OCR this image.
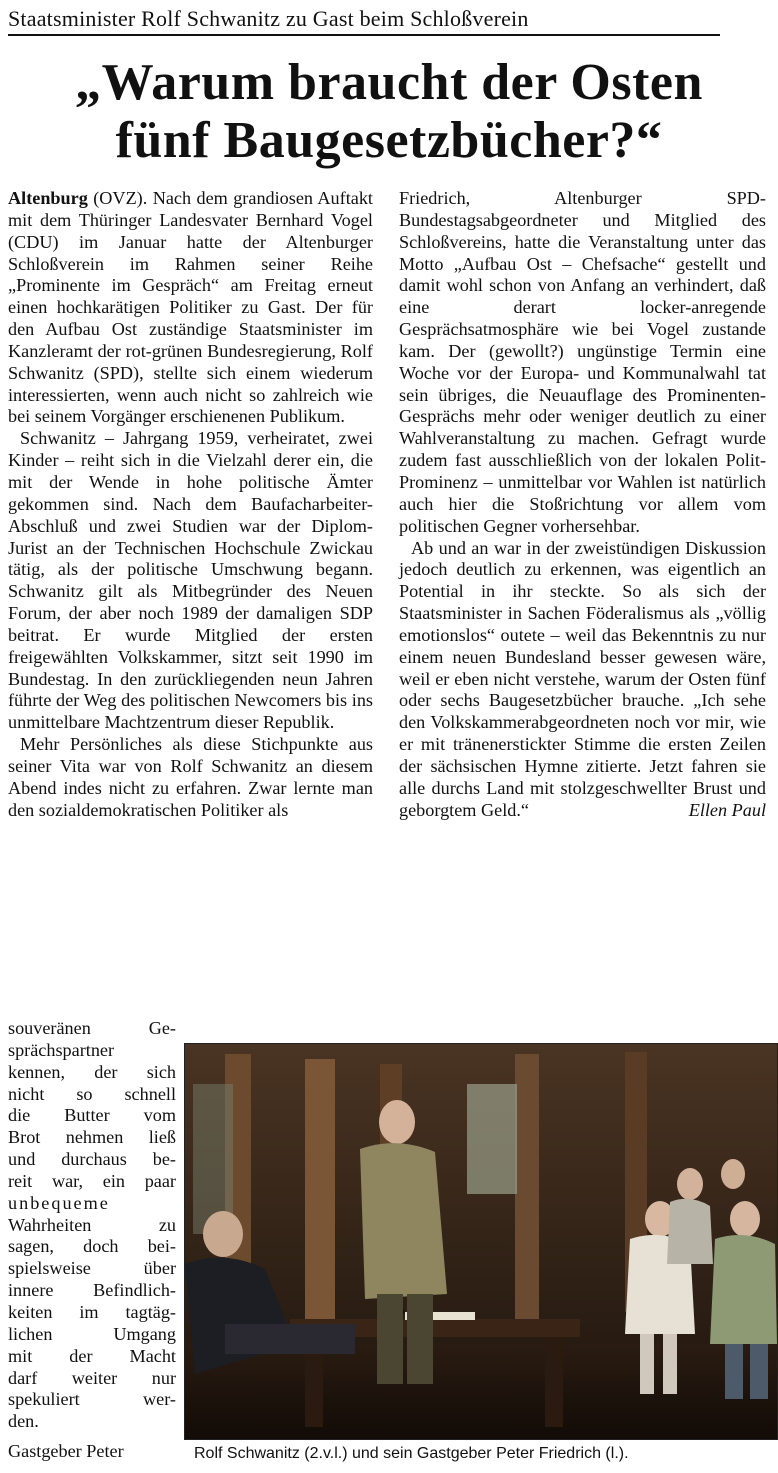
Staatsminister Rolf Schwanitz zu Gast beim Schloßverein
„Warum braucht der Osten
fünf Baugesetzbücher?“

Altenburg (OVZ). Nach dem grandiosen Auftakt mit dem Thüringer Landesvater Bernhard Vogel (CDU) im Januar hatte der Altenburger Schloßverein im Rahmen seiner Reihe „Prominente im Gespräch“ am Freitag erneut einen hochkarätigen Politiker zu Gast. Der für den Aufbau Ost zuständige Staatsminister im Kanzleramt der rot-grünen Bundesregierung, Rolf Schwanitz (SPD), stellte sich einem wiederum interessierten, wenn auch nicht so zahlreich wie bei seinem Vorgänger erschienenen Publikum.

Schwanitz – Jahrgang 1959, verheiratet, zwei Kinder – reiht sich in die Vielzahl derer ein, die mit der Wende in hohe politische Ämter gekommen sind. Nach dem Baufacharbeiter-Abschluß und zwei Studien war der Diplom-Jurist an der Technischen Hochschule Zwickau tätig, als der politische Umschwung begann. Schwanitz gilt als Mitbegründer des Neuen Forum, der aber noch 1989 der damaligen SDP beitrat. Er wurde Mitglied der ersten freigewählten Volkskammer, sitzt seit 1990 im Bundestag. In den zurückliegenden neun Jahren führte der Weg des politischen Newcomers bis ins unmittelbare Machtzentrum dieser Republik.

Mehr Persönliches als diese Stichpunkte aus seiner Vita war von Rolf Schwanitz an diesem Abend indes nicht zu erfahren. Zwar lernte man den sozialdemokratischen Politiker als

souveränen Ge-
sprächspartner
kennen, der sich
nicht so schnell
die Butter vom
Brot nehmen ließ
und durchaus be-
reit war, ein paar
unbequeme
Wahrheiten zu
sagen, doch bei-
spielsweise über
innere Befindlich-
keiten im tagtäg-
lichen Umgang
mit der Macht
darf weiter nur
spekuliert wer-
den.
Gastgeber Peter

Friedrich, Altenburger SPD-Bundestagsabgeordneter und Mitglied des Schloßvereins, hatte die Veranstaltung unter das Motto „Aufbau Ost – Chefsache“ gestellt und damit wohl schon von Anfang an verhindert, daß eine derart locker-anregende Gesprächsatmosphäre wie bei Vogel zustande kam. Der (gewollt?) ungünstige Termin eine Woche vor der Europa- und Kommunalwahl tat sein übriges, die Neuauflage des Prominenten-Gesprächs mehr oder weniger deutlich zu einer Wahlveranstaltung zu machen. Gefragt wurde zudem fast ausschließlich von der lokalen Polit-Prominenz – unmittelbar vor Wahlen ist natürlich auch hier die Stoßrichtung vor allem vom politischen Gegner vorhersehbar.

Ab und an war in der zweistündigen Diskussion jedoch deutlich zu erkennen, was eigentlich an Potential in ihr steckte. So als sich der Staatsminister in Sachen Föderalismus als „völlig emotionslos“ outete – weil das Bekenntnis zu nur einem neuen Bundesland besser gewesen wäre, weil er eben nicht verstehe, warum der Osten fünf oder sechs Baugesetzbücher brauche. „Ich sehe den Volkskammerabgeordneten noch vor mir, wie er mit tränenerstickter Stimme die ersten Zeilen der sächsischen Hymne zitierte. Jetzt fahren sie alle durchs Land mit stolzgeschwellter Brust und geborgtem Geld.“	Ellen Paul

Rolf Schwanitz (2.v.l.) und sein Gastgeber Peter Friedrich (l.).
